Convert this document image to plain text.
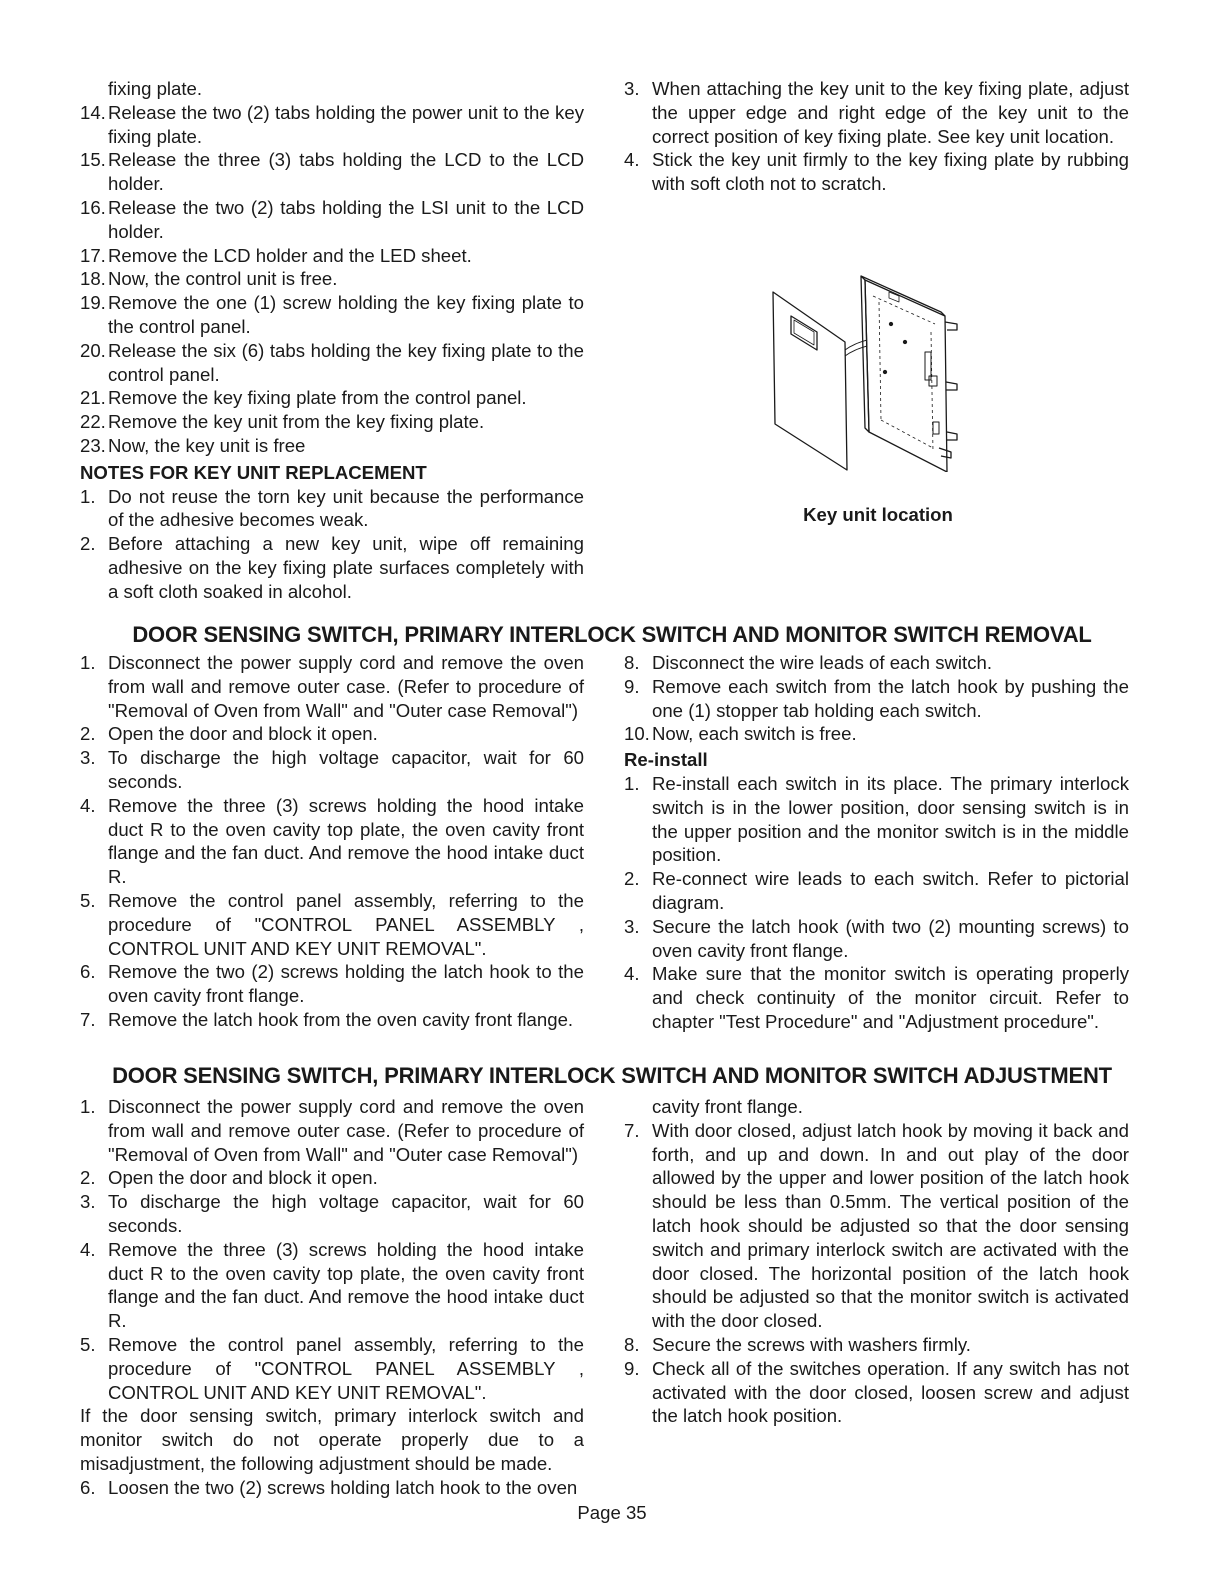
fixing plate.
14. Release the two (2) tabs holding the power unit to the key fixing plate.
15. Release the three (3) tabs holding the LCD to the LCD holder.
16. Release the two (2) tabs holding the LSI unit to the LCD holder.
17. Remove the LCD holder and the LED sheet.
18. Now, the control unit is free.
19. Remove the one (1) screw holding the key fixing plate to the control panel.
20. Release the six (6) tabs holding the key fixing plate to the control panel.
21. Remove the key fixing plate from the control panel.
22. Remove the key unit from the key fixing plate.
23. Now, the key unit is free
NOTES FOR KEY UNIT REPLACEMENT
1. Do not reuse the torn key unit because the performance of the adhesive becomes weak.
2. Before attaching a new key unit, wipe off remaining adhesive on the key fixing plate surfaces completely with a soft cloth soaked in alcohol.
3. When attaching the key unit to the key fixing plate, adjust the upper edge and right edge of the key unit to the correct position of key fixing plate. See key unit location.
4. Stick the key unit firmly to the key fixing plate by rubbing with soft cloth not to scratch.
Key unit location
DOOR SENSING SWITCH, PRIMARY INTERLOCK SWITCH AND MONITOR SWITCH REMOVAL
1. Disconnect the power supply cord and remove the oven from wall and remove outer case. (Refer to procedure of "Removal of Oven from Wall" and "Outer case Removal")
2. Open the door and block it open.
3. To discharge the high voltage capacitor, wait for 60 seconds.
4. Remove the three (3) screws holding the hood intake duct R to the oven cavity top plate, the oven cavity front flange and the fan duct. And remove the hood intake duct R.
5. Remove the control panel assembly, referring to the procedure of "CONTROL PANEL ASSEMBLY , CONTROL UNIT AND KEY UNIT REMOVAL".
6. Remove the two (2) screws holding the latch hook to the oven cavity front flange.
7. Remove the latch hook from the oven cavity front flange.
8. Disconnect the wire leads of each switch.
9. Remove each switch from the latch hook by pushing the one (1) stopper tab holding each switch.
10. Now, each switch is free.
Re-install
1. Re-install each switch in its place. The primary interlock switch is in the lower position, door sensing switch is in the upper position and the monitor switch is in the middle position.
2. Re-connect wire leads to each switch. Refer to pictorial diagram.
3. Secure the latch hook (with two (2) mounting screws) to oven cavity front flange.
4. Make sure that the monitor switch is operating properly and check continuity of the monitor circuit. Refer to chapter "Test Procedure" and "Adjustment procedure".
DOOR SENSING SWITCH, PRIMARY INTERLOCK SWITCH AND MONITOR SWITCH ADJUSTMENT
1. Disconnect the power supply cord and remove the oven from wall and remove outer case. (Refer to procedure of "Removal of Oven from Wall" and "Outer case Removal")
2. Open the door and block it open.
3. To discharge the high voltage capacitor, wait for 60 seconds.
4. Remove the three (3) screws holding the hood intake duct R to the oven cavity top plate, the oven cavity front flange and the fan duct. And remove the hood intake duct R.
5. Remove the control panel assembly, referring to the procedure of "CONTROL PANEL ASSEMBLY , CONTROL UNIT AND KEY UNIT REMOVAL".
If the door sensing switch, primary interlock switch and monitor switch do not operate properly due to a misadjustment, the following adjustment should be made.
6. Loosen the two (2) screws holding latch hook to the oven
cavity front flange.
7. With door closed, adjust latch hook by moving it back and forth, and up and down. In and out play of the door allowed by the upper and lower position of the latch hook should be less than 0.5mm. The vertical position of the latch hook should be adjusted so that the door sensing switch and primary interlock switch are activated with the door closed. The horizontal position of the latch hook should be adjusted so that the monitor switch is activated with the door closed.
8. Secure the screws with washers firmly.
9. Check all of the switches operation. If any switch has not activated with the door closed, loosen screw and adjust the latch hook position.
Page 35
